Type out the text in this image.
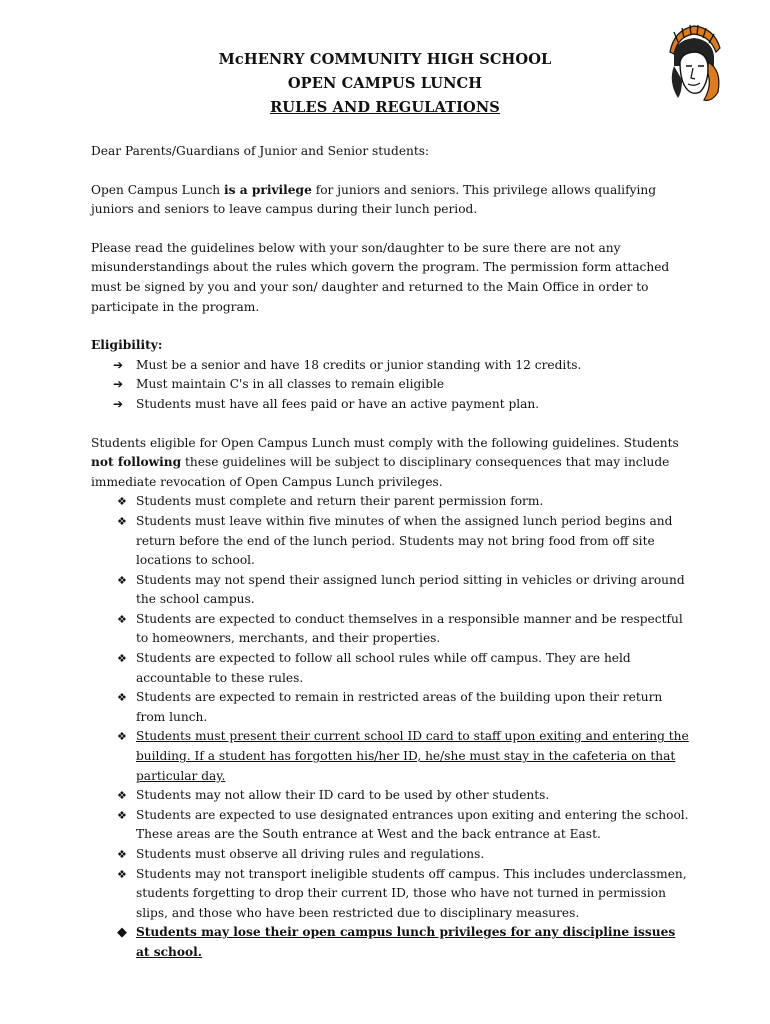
McHENRY COMMUNITY HIGH SCHOOL
OPEN CAMPUS LUNCH
RULES AND REGULATIONS

Dear Parents/Guardians of Junior and Senior students:

Open Campus Lunch is a privilege for juniors and seniors. This privilege allows qualifying juniors and seniors to leave campus during their lunch period.

Please read the guidelines below with your son/daughter to be sure there are not any misunderstandings about the rules which govern the program. The permission form attached must be signed by you and your son/ daughter and returned to the Main Office in order to participate in the program.

Eligibility:
➔ Must be a senior and have 18 credits or junior standing with 12 credits.
➔ Must maintain C's in all classes to remain eligible
➔ Students must have all fees paid or have an active payment plan.
Students eligible for Open Campus Lunch must comply with the following guidelines. Students not following these guidelines will be subject to disciplinary consequences that may include immediate revocation of Open Campus Lunch privileges.
❖ Students must complete and return their parent permission form.
❖ Students must leave within five minutes of when the assigned lunch period begins and return before the end of the lunch period. Students may not bring food from off site locations to school.
❖ Students may not spend their assigned lunch period sitting in vehicles or driving around the school campus.
❖ Students are expected to conduct themselves in a responsible manner and be respectful to homeowners, merchants, and their properties.
❖ Students are expected to follow all school rules while off campus. They are held accountable to these rules.
❖ Students are expected to remain in restricted areas of the building upon their return from lunch.
❖ Students must present their current school ID card to staff upon exiting and entering the building. If a student has forgotten his/her ID, he/she must stay in the cafeteria on that particular day.
❖ Students may not allow their ID card to be used by other students.
❖ Students are expected to use designated entrances upon exiting and entering the school. These areas are the South entrance at West and the back entrance at East.
❖ Students must observe all driving rules and regulations.
❖ Students may not transport ineligible students off campus. This includes underclassmen, students forgetting to drop their current ID, those who have not turned in permission slips, and those who have been restricted due to disciplinary measures.
◆ Students may lose their open campus lunch privileges for any discipline issues at school.
